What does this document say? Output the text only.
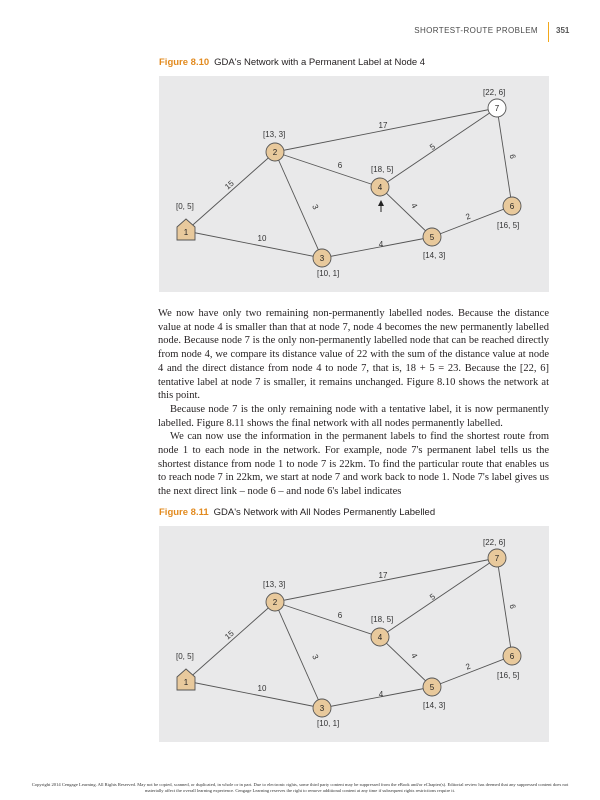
SHORTEST-ROUTE PROBLEM 351
Figure 8.10 GDA's Network with a Permanent Label at Node 4
15
10
6
3
17
4
5
4
2
6
1
2
3
4
5
6
7
[0, 5]
[13, 3]
[10, 1]
[18, 5]
[14, 3]
[16, 5]
[22, 6]

We now have only two remaining non-permanently labelled nodes. Because the distance value at node 4 is smaller than that at node 7, node 4 becomes the new permanently labelled node. Because node 7 is the only non-permanently labelled node that can be reached directly from node 4, we compare its distance value of 22 with the sum of the distance value at node 4 and the direct distance from node 4 to node 7, that is, 18 + 5 = 23. Because the [22, 6] tentative label at node 7 is smaller, it remains unchanged. Figure 8.10 shows the network at this point.

Because node 7 is the only remaining node with a tentative label, it is now permanently labelled. Figure 8.11 shows the final network with all nodes permanently labelled.

We can now use the information in the permanent labels to find the shortest route from node 1 to each node in the network. For example, node 7's permanent label tells us the shortest distance from node 1 to node 7 is 22km. To find the particular route that enables us to reach node 7 in 22km, we start at node 7 and work back to node 1. Node 7's label gives us the next direct link – node 6 – and node 6's label indicates

Figure 8.11 GDA's Network with All Nodes Permanently Labelled
15
10
6
3
17
4
5
4
2
6
1
2
3
4
5
6
7
[0, 5]
[13, 3]
[10, 1]
[18, 5]
[14, 3]
[16, 5]
[22, 6]
Copyright 2014 Cengage Learning. All Rights Reserved. May not be copied, scanned, or duplicated, in whole or in part. Due to electronic rights, some third party content may be suppressed from the eBook and/or eChapter(s). Editorial review has deemed that any suppressed content does not materially affect the overall learning experience. Cengage Learning reserves the right to remove additional content at any time if subsequent rights restrictions require it.
